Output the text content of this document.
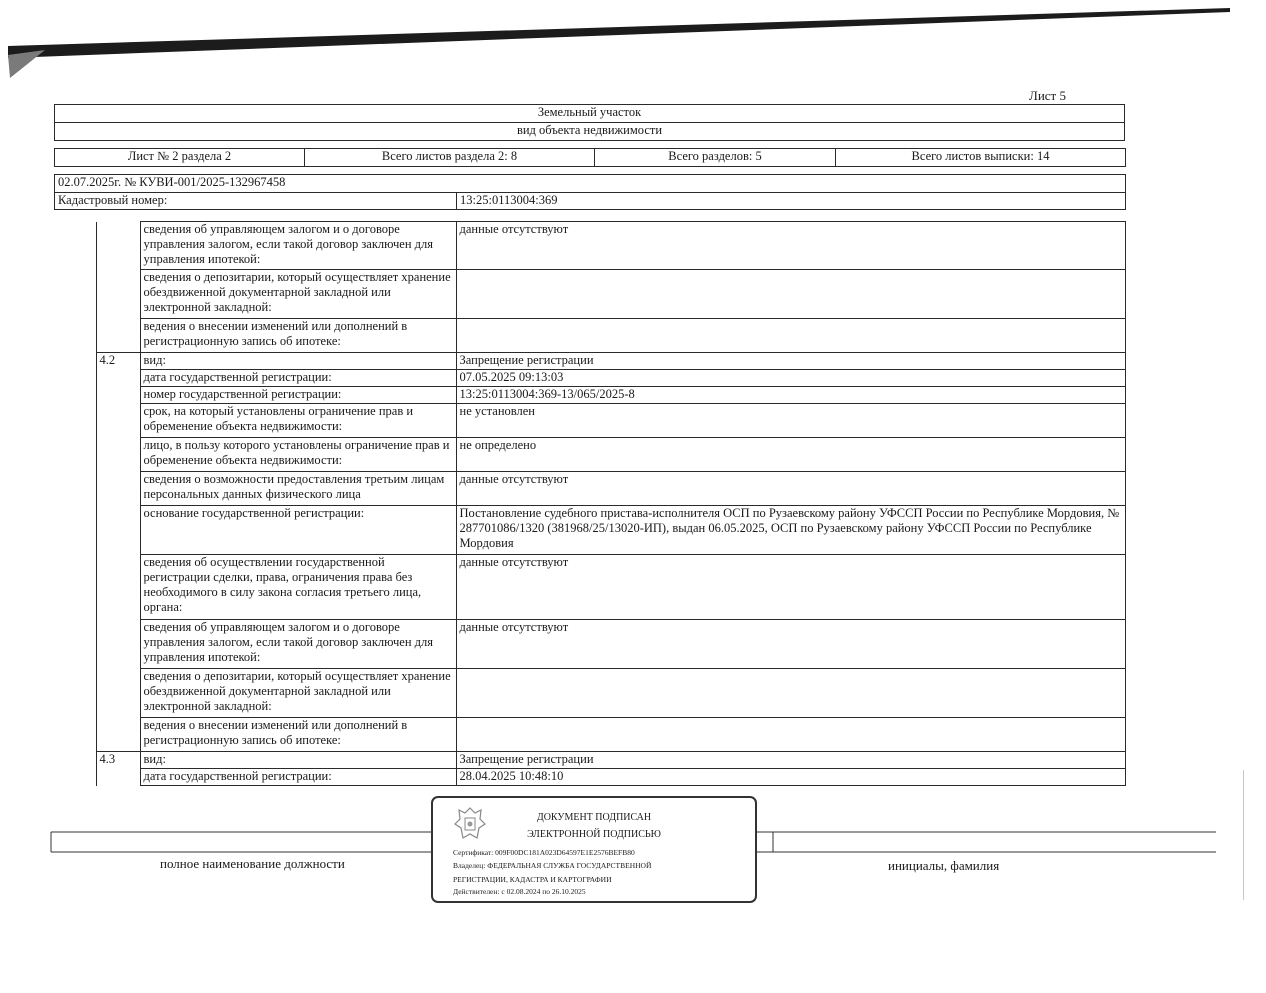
Лист 5
Земельный участок
вид объекта недвижимости
Лист № 2 раздела 2	Всего листов раздела 2: 8	Всего разделов: 5	Всего листов выписки: 14
02.07.2025г. № КУВИ-001/2025-132967458
Кадастровый номер:	13:25:0113004:369
		сведения об управляющем залогом и о договоре управления залогом, если такой договор заключен для управления ипотекой:	данные отсутствуют
		сведения о депозитарии, который осуществляет хранение обездвиженной документарной закладной или электронной закладной:	
		ведения о внесении изменений или дополнений в регистрационную запись об ипотеке:	
	4.2	вид:	Запрещение регистрации
		дата государственной регистрации:	07.05.2025 09:13:03
		номер государственной регистрации:	13:25:0113004:369-13/065/2025-8
		срок, на который установлены ограничение прав и обременение объекта недвижимости:	не установлен
		лицо, в пользу которого установлены ограничение прав и обременение объекта недвижимости:	не определено
		сведения о возможности предоставления третьим лицам персональных данных физического лица	данные отсутствуют
		основание государственной регистрации:	Постановление судебного пристава-исполнителя ОСП по Рузаевскому району УФССП России по Республике Мордовия, № 287701086/1320 (381968/25/13020-ИП), выдан 06.05.2025, ОСП по Рузаевскому району УФССП России по Республике Мордовия
		сведения об осуществлении государственной регистрации сделки, права, ограничения права без необходимого в силу закона согласия третьего лица, органа:	данные отсутствуют
		сведения об управляющем залогом и о договоре управления залогом, если такой договор заключен для управления ипотекой:	данные отсутствуют
		сведения о депозитарии, который осуществляет хранение обездвиженной документарной закладной или электронной закладной:	
		ведения о внесении изменений или дополнений в регистрационную запись об ипотеке:	
	4.3	вид:	Запрещение регистрации
		дата государственной регистрации:	28.04.2025 10:48:10
полное наименование должности	инициалы, фамилия
ДОКУМЕНТ ПОДПИСАН
ЭЛЕКТРОННОЙ ПОДПИСЬЮ
Сертификат: 009F00DC181A023D64597E1E2576BEFB80
Владелец: ФЕДЕРАЛЬНАЯ СЛУЖБА ГОСУДАРСТВЕННОЙ
РЕГИСТРАЦИИ, КАДАСТРА И КАРТОГРАФИИ
Действителен: с 02.08.2024 по 26.10.2025
